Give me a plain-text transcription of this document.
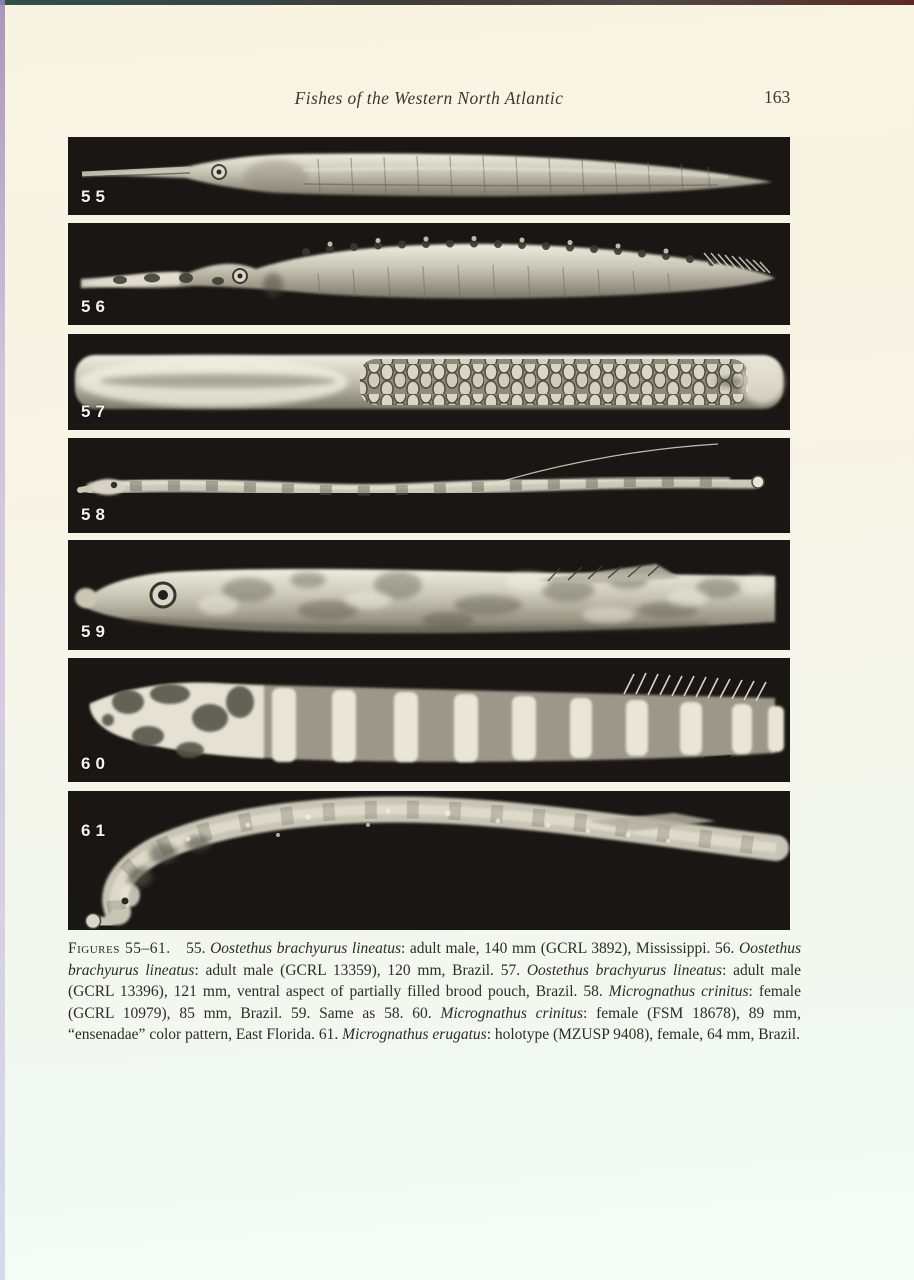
Fishes of the Western North Atlantic	163
55
56
57
58
59
60
61
Figures 55–61. 55. Oostethus brachyurus lineatus: adult male, 140 mm (GCRL 3892), Mississippi. 56. Oostethus brachyurus lineatus: adult male (GCRL 13359), 120 mm, Brazil. 57. Oostethus brachyurus lineatus: adult male (GCRL 13396), 121 mm, ventral aspect of partially filled brood pouch, Brazil. 58. Micrognathus crinitus: female (GCRL 10979), 85 mm, Brazil. 59. Same as 58. 60. Micrognathus crinitus: female (FSM 18678), 89 mm, “ensenadae” color pattern, East Florida. 61. Micrognathus erugatus: holotype (MZUSP 9408), female, 64 mm, Brazil.
